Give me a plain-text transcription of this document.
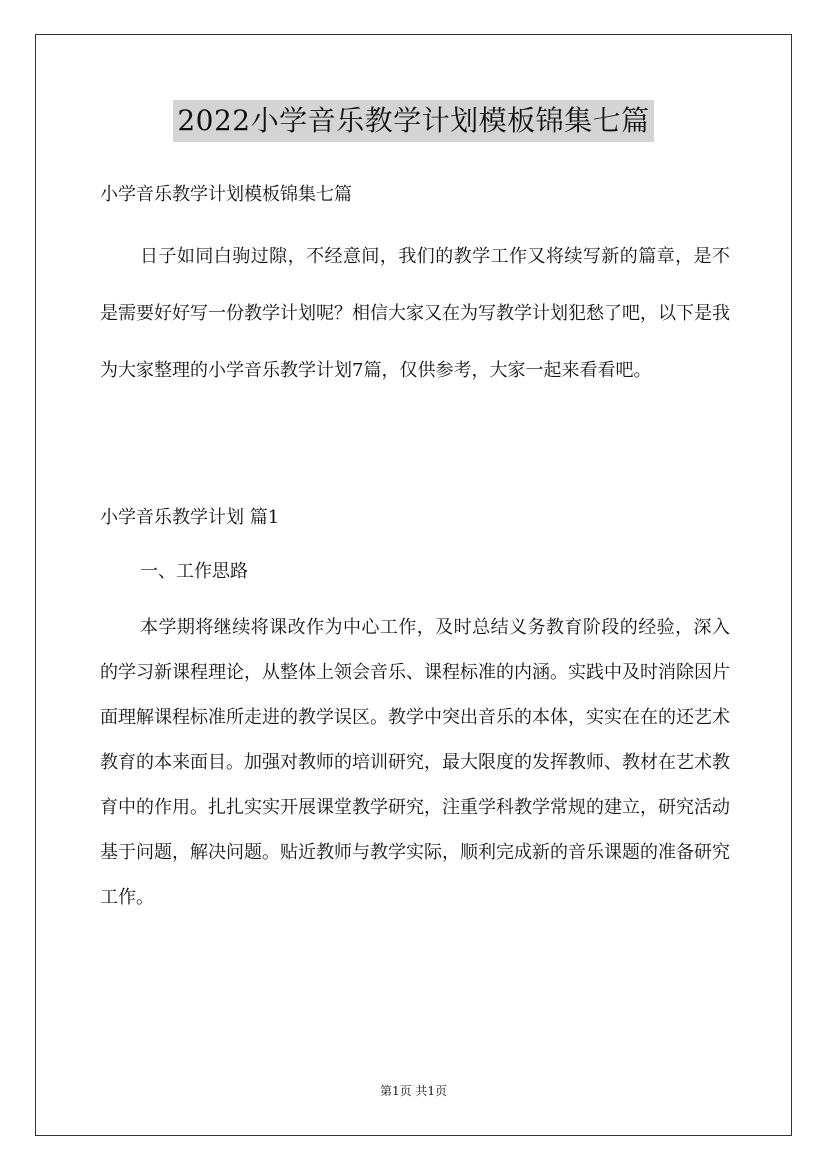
2022小学音乐教学计划模板锦集七篇

小学音乐教学计划模板锦集七篇

日子如同白驹过隙，不经意间，我们的教学工作又将续写新的篇章，是不是需要好好写一份教学计划呢？相信大家又在为写教学计划犯愁了吧，以下是我为大家整理的小学音乐教学计划7篇，仅供参考，大家一起来看看吧。

小学音乐教学计划 篇1

一、工作思路

本学期将继续将课改作为中心工作，及时总结义务教育阶段的经验，深入的学习新课程理论，从整体上领会音乐、课程标准的内涵。实践中及时消除因片面理解课程标准所走进的教学误区。教学中突出音乐的本体，实实在在的还艺术教育的本来面目。加强对教师的培训研究，最大限度的发挥教师、教材在艺术教育中的作用。扎扎实实开展课堂教学研究，注重学科教学常规的建立，研究活动基于问题，解决问题。贴近教师与教学实际，顺利完成新的音乐课题的准备研究工作。

第1页 共1页
